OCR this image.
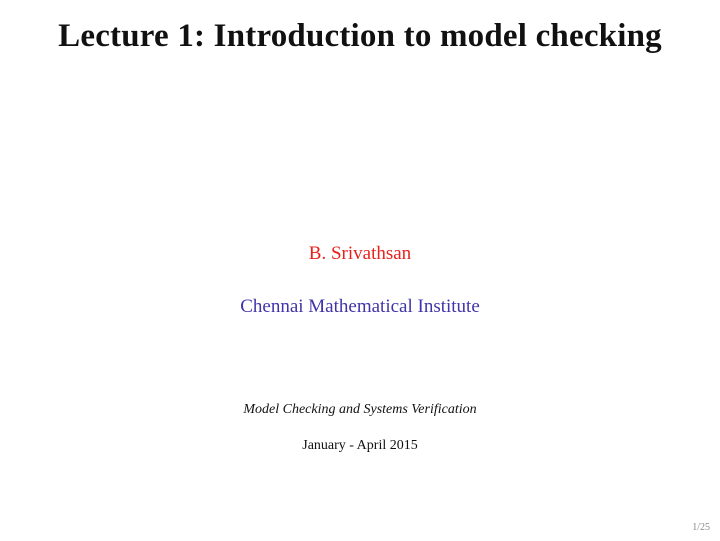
Lecture 1: Introduction to model checking
B. Srivathsan
Chennai Mathematical Institute
Model Checking and Systems Verification
January - April 2015
1/25
